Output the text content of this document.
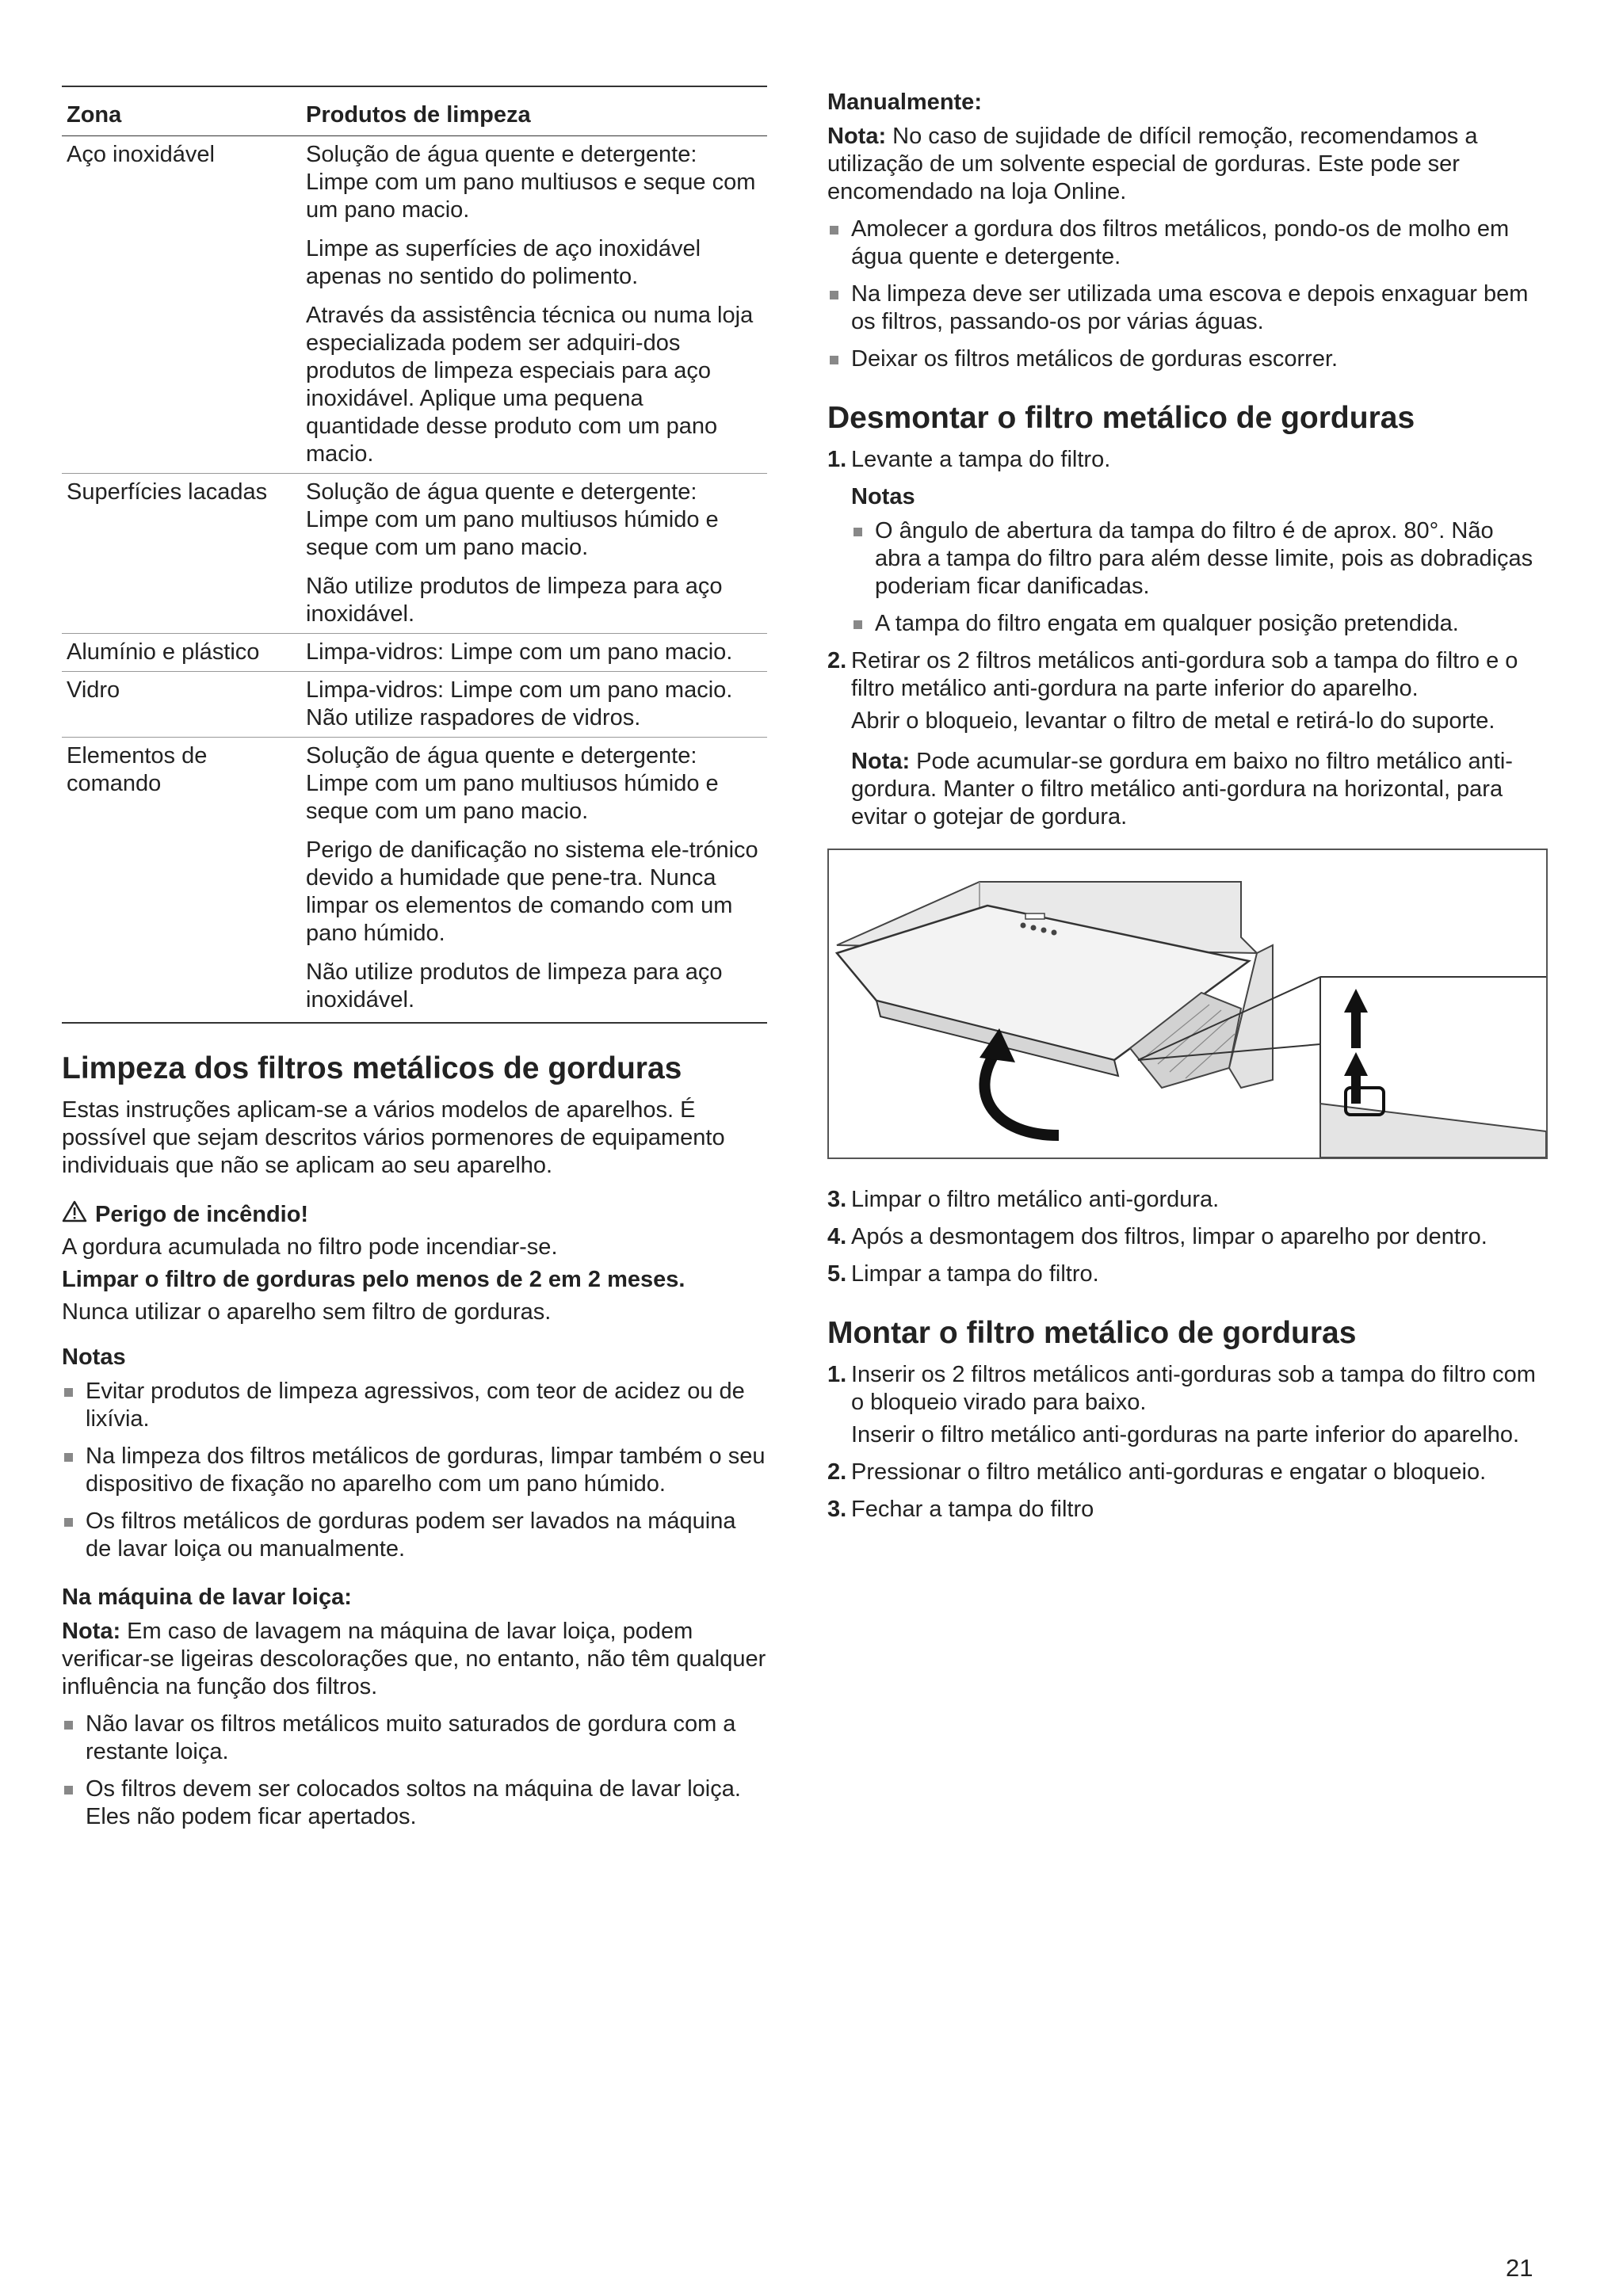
Zona	Produtos de limpeza
Aço inoxidável	Solução de água quente e detergente: Limpe com um pano multiusos e seque com um pano macio.

Limpe as superfícies de aço inoxidável apenas no sentido do polimento.

Através da assistência técnica ou numa loja especializada podem ser adquiri-dos produtos de limpeza especiais para aço inoxidável. Aplique uma pequena quantidade desse produto com um pano macio.

Superfícies lacadas	Solução de água quente e detergente: Limpe com um pano multiusos húmido e seque com um pano macio.

Não utilize produtos de limpeza para aço inoxidável.

Alumínio e plástico	Limpa-vidros: Limpe com um pano macio.

Vidro	Limpa-vidros: Limpe com um pano macio. Não utilize raspadores de vidros.

Elementos de comando	Solução de água quente e detergente: Limpe com um pano multiusos húmido e seque com um pano macio.

Perigo de danificação no sistema ele-trónico devido a humidade que pene-tra. Nunca limpar os elementos de comando com um pano húmido.

Não utilize produtos de limpeza para aço inoxidável.

Limpeza dos filtros metálicos de gorduras

Estas instruções aplicam-se a vários modelos de aparelhos. É possível que sejam descritos vários pormenores de equipamento individuais que não se aplicam ao seu aparelho.

Perigo de incêndio!

A gordura acumulada no filtro pode incendiar-se.

Limpar o filtro de gorduras pelo menos de 2 em 2 meses.

Nunca utilizar o aparelho sem filtro de gorduras.

Notas
Evitar produtos de limpeza agressivos, com teor de acidez ou de lixívia.
Na limpeza dos filtros metálicos de gorduras, limpar também o seu dispositivo de fixação no aparelho com um pano húmido.
Os filtros metálicos de gorduras podem ser lavados na máquina de lavar loiça ou manualmente.
Na máquina de lavar loiça:

Nota: Em caso de lavagem na máquina de lavar loiça, podem verificar-se ligeiras descolorações que, no entanto, não têm qualquer influência na função dos filtros.

Não lavar os filtros metálicos muito saturados de gordura com a restante loiça.
Os filtros devem ser colocados soltos na máquina de lavar loiça. Eles não podem ficar apertados.
Manualmente:

Nota: No caso de sujidade de difícil remoção, recomendamos a utilização de um solvente especial de gorduras. Este pode ser encomendado na loja Online.

Amolecer a gordura dos filtros metálicos, pondo-os de molho em água quente e detergente.
Na limpeza deve ser utilizada uma escova e depois enxaguar bem os filtros, passando-os por várias águas.
Deixar os filtros metálicos de gorduras escorrer.
Desmontar o filtro metálico de gorduras
1. Levante a tampa do filtro.
Notas
O ângulo de abertura da tampa do filtro é de aprox. 80°. Não abra a tampa do filtro para além desse limite, pois as dobradiças poderiam ficar danificadas.
A tampa do filtro engata em qualquer posição pretendida.
2. Retirar os 2 filtros metálicos anti-gordura sob a tampa do filtro e o filtro metálico anti-gordura na parte inferior do aparelho.

Abrir o bloqueio, levantar o filtro de metal e retirá-lo do suporte.

Nota: Pode acumular-se gordura em baixo no filtro metálico anti-gordura. Manter o filtro metálico anti-gordura na horizontal, para evitar o gotejar de gordura.

3. Limpar o filtro metálico anti-gordura.
4. Após a desmontagem dos filtros, limpar o aparelho por dentro.
5. Limpar a tampa do filtro.
Montar o filtro metálico de gorduras
1. Inserir os 2 filtros metálicos anti-gorduras sob a tampa do filtro com o bloqueio virado para baixo.

Inserir o filtro metálico anti-gorduras na parte inferior do aparelho.

2. Pressionar o filtro metálico anti-gorduras e engatar o bloqueio.
3. Fechar a tampa do filtro
21
